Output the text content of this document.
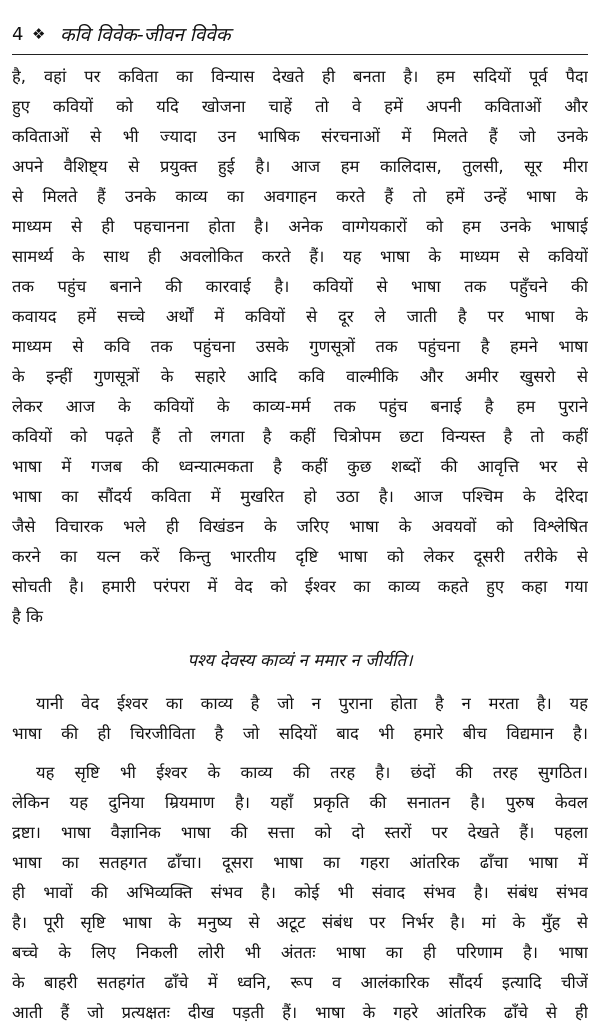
4 ❖ कवि विवेक-जीवन विवेक
है, वहां पर कविता का विन्यास देखते ही बनता है। हम सदियों पूर्व पैदा
हुए कवियों को यदि खोजना चाहें तो वे हमें अपनी कविताओं और
कविताओं से भी ज्यादा उन भाषिक संरचनाओं में मिलते हैं जो उनके
अपने वैशिष्ट्य से प्रयुक्त हुई है। आज हम कालिदास, तुलसी, सूर मीरा
से मिलते हैं उनके काव्य का अवगाहन करते हैं तो हमें उन्हें भाषा के
माध्यम से ही पहचानना होता है। अनेक वाग्गेयकारों को हम उनके भाषाई
सामर्थ्य के साथ ही अवलोकित करते हैं। यह भाषा के माध्यम से कवियों
तक पहुंच बनाने की कारवाई है। कवियों से भाषा तक पहुँचने की
कवायद हमें सच्चे अर्थों में कवियों से दूर ले जाती है पर भाषा के
माध्यम से कवि तक पहुंचना उसके गुणसूत्रों तक पहुंचना है हमने भाषा
के इन्हीं गुणसूत्रों के सहारे आदि कवि वाल्मीकि और अमीर खुसरो से
लेकर आज के कवियों के काव्य-मर्म तक पहुंच बनाई है हम पुराने
कवियों को पढ़ते हैं तो लगता है कहीं चित्रोपम छटा विन्यस्त है तो कहीं
भाषा में गजब की ध्वन्यात्मकता है कहीं कुछ शब्दों की आवृत्ति भर से
भाषा का सौंदर्य कविता में मुखरित हो उठा है। आज पश्चिम के देरिदा
जैसे विचारक भले ही विखंडन के जरिए भाषा के अवयवों को विश्लेषित
करने का यत्न करें किन्तु भारतीय दृष्टि भाषा को लेकर दूसरी तरीके से
सोचती है। हमारी परंपरा में वेद को ईश्वर का काव्य कहते हुए कहा गया
है कि
पश्य देवस्य काव्यं न ममार न जीर्यति।
यानी वेद ईश्वर का काव्य है जो न पुराना होता है न मरता है। यह
भाषा की ही चिरजीविता है जो सदियों बाद भी हमारे बीच विद्यमान है।
यह सृष्टि भी ईश्वर के काव्य की तरह है। छंदों की तरह सुगठित।
लेकिन यह दुनिया म्रियमाण है। यहाँ प्रकृति की सनातन है। पुरुष केवल
द्रष्टा। भाषा वैज्ञानिक भाषा की सत्ता को दो स्तरों पर देखते हैं। पहला
भाषा का सतहगत ढाँचा। दूसरा भाषा का गहरा आंतरिक ढाँचा भाषा में
ही भावों की अभिव्यक्ति संभव है। कोई भी संवाद संभव है। संबंध संभव
है। पूरी सृष्टि भाषा के मनुष्य से अटूट संबंध पर निर्भर है। मां के मुँह से
बच्चे के लिए निकली लोरी भी अंततः भाषा का ही परिणाम है। भाषा
के बाहरी सतहगंत ढाँचे में ध्वनि, रूप व आलंकारिक सौंदर्य इत्यादि चीजें
आती हैं जो प्रत्यक्षतः दीख पड़ती हैं। भाषा के गहरे आंतरिक ढाँचे से ही
